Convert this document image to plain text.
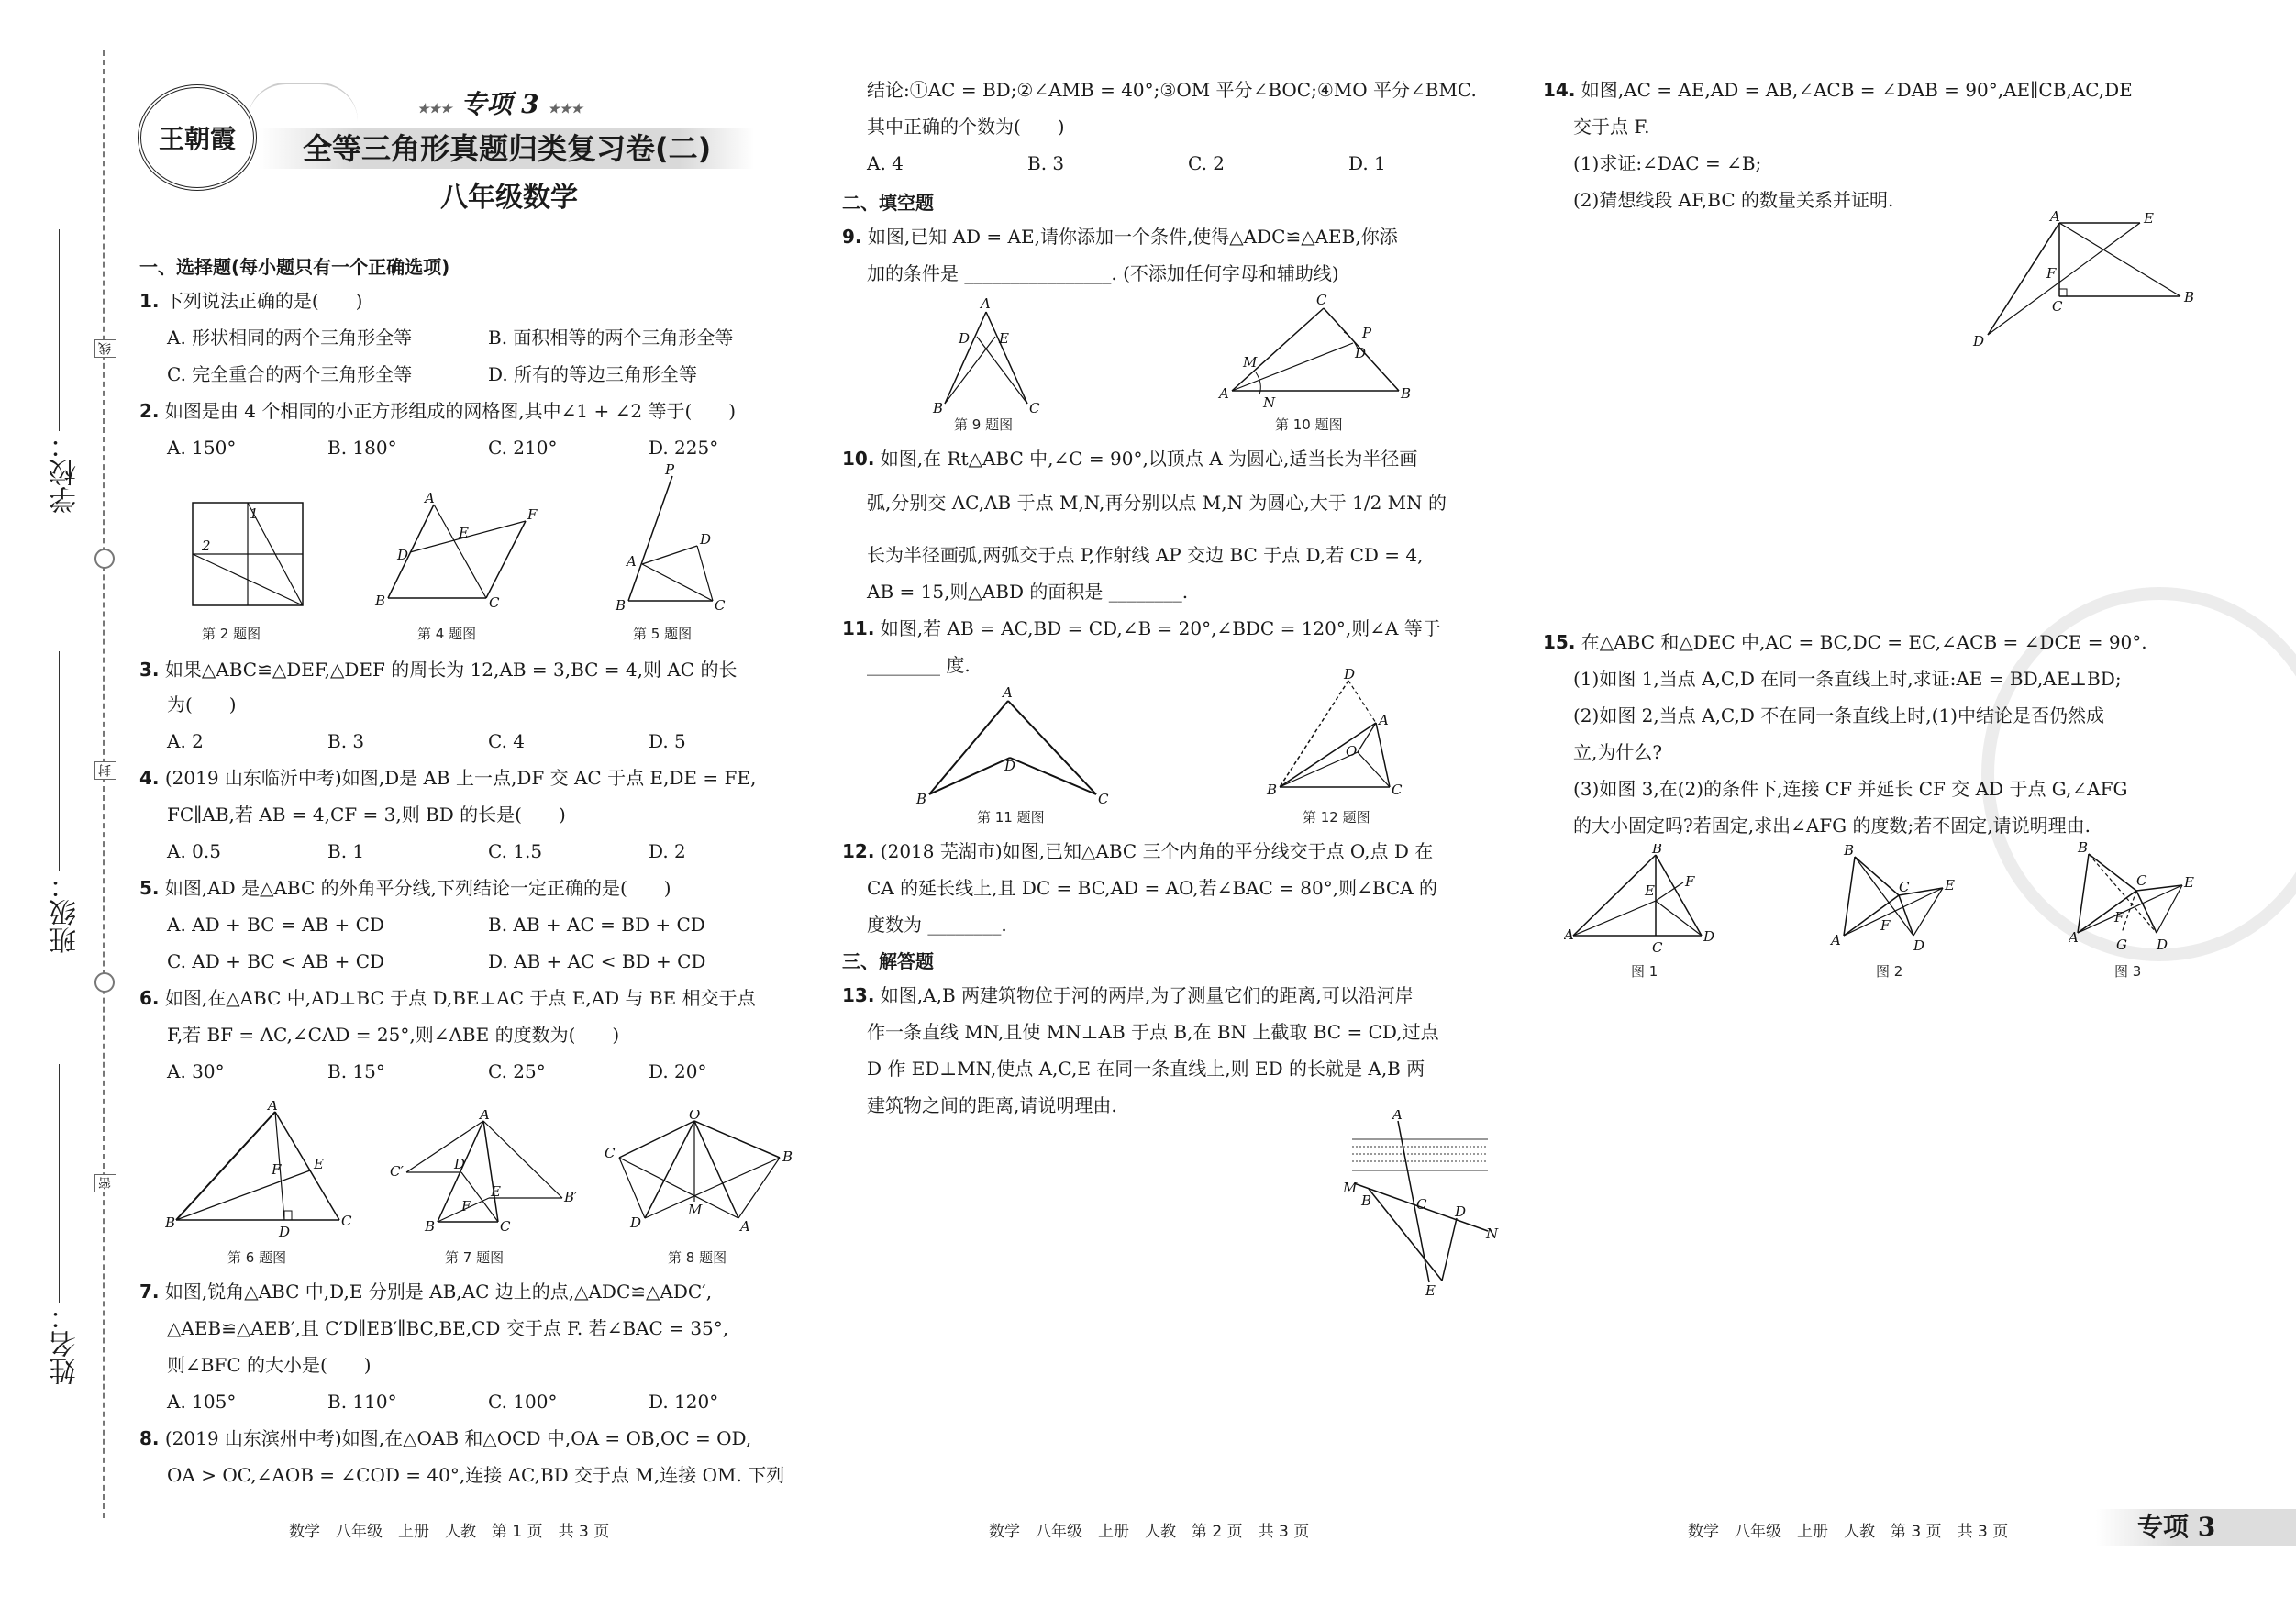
学校：
班级：
姓名：
线
封
密
王朝霞
★★★ 专项 3 ★★★
全等三角形真题归类复习卷(二)
八年级数学
一、选择题(每小题只有一个正确选项)
1. 下列说法正确的是(　　)
A. 形状相同的两个三角形全等	B. 面积相等的两个三角形全等
C. 完全重合的两个三角形全等	D. 所有的等边三角形全等
2. 如图是由 4 个相同的小正方形组成的网格图,其中∠1 + ∠2 等于(　　)
A. 150°	B. 180°	C. 210°	D. 225°
1
2
A
B	C
D
E
F
P
A
D
B	C
第 2 题图	第 4 题图	第 5 题图
3. 如果△ABC≌△DEF,△DEF 的周长为 12,AB = 3,BC = 4,则 AC 的长
为(　　)
A. 2	B. 3	C. 4	D. 5
4. (2019 山东临沂中考)如图,D是 AB 上一点,DF 交 AC 于点 E,DE = FE,
FC∥AB,若 AB = 4,CF = 3,则 BD 的长是(　　)
A. 0.5	B. 1	C. 1.5	D. 2
5. 如图,AD 是△ABC 的外角平分线,下列结论一定正确的是(　　)
A. AD + BC = AB + CD	B. AB + AC = BD + CD
C. AD + BC < AB + CD	D. AB + AC < BD + CD
6. 如图,在△ABC 中,AD⊥BC 于点 D,BE⊥AC 于点 E,AD 与 BE 相交于点
F,若 BF = AC,∠CAD = 25°,则∠ABE 的度数为(　　)
A. 30°	B. 15°	C. 25°	D. 20°
A
B	C
D
E
F
A
B	C
C′	D
E
F
B′
O
C	B
D	A
M
第 6 题图	第 7 题图	第 8 题图
7. 如图,锐角△ABC 中,D,E 分别是 AB,AC 边上的点,△ADC≌△ADC′,
△AEB≌△AEB′,且 C′D∥EB′∥BC,BE,CD 交于点 F. 若∠BAC = 35°,
则∠BFC 的大小是(　　)
A. 105°	B. 110°	C. 100°	D. 120°
8. (2019 山东滨州中考)如图,在△OAB 和△OCD 中,OA = OB,OC = OD,
OA > OC,∠AOB = ∠COD = 40°,连接 AC,BD 交于点 M,连接 OM. 下列
数学　八年级　上册　人教　第 1 页　共 3 页
结论:①AC = BD;②∠AMB = 40°;③OM 平分∠BOC;④MO 平分∠BMC.
其中正确的个数为(　　)
A. 4	B. 3	C. 2	D. 1
二、填空题
9. 如图,已知 AD = AE,请你添加一个条件,使得△ADC≌△AEB,你添
加的条件是 ________________. (不添加任何字母和辅助线)
A
B	C
D E
C
A	B
M
N
P
D
第 9 题图	第 10 题图
10. 如图,在 Rt△ABC 中,∠C = 90°,以顶点 A 为圆心,适当长为半径画
弧,分别交 AC,AB 于点 M,N,再分别以点 M,N 为圆心,大于 1/2 MN 的
长为半径画弧,两弧交于点 P,作射线 AP 交边 BC 于点 D,若 CD = 4,
AB = 15,则△ABD 的面积是 ________.
11. 如图,若 AB = AC,BD = CD,∠B = 20°,∠BDC = 120°,则∠A 等于
________ 度.
A
B	C
D
D
A
B	C
O
第 11 题图	第 12 题图
12. (2018 芜湖市)如图,已知△ABC 三个内角的平分线交于点 O,点 D 在
CA 的延长线上,且 DC = BC,AD = AO,若∠BAC = 80°,则∠BCA 的
度数为 ________.
三、解答题
13. 如图,A,B 两建筑物位于河的两岸,为了测量它们的距离,可以沿河岸
作一条直线 MN,且使 MN⊥AB 于点 B,在 BN 上截取 BC = CD,过点
D 作 ED⊥MN,使点 A,C,E 在同一条直线上,则 ED 的长就是 A,B 两
建筑物之间的距离,请说明理由.	A
M
B	C D
N
E
数学　八年级　上册　人教　第 2 页　共 3 页
14. 如图,AC = AE,AD = AB,∠ACB = ∠DAB = 90°,AE∥CB,AC,DE
交于点 F.
(1)求证:∠DAC = ∠B;
(2)猜想线段 AF,BC 的数量关系并证明.
A	E
B
C
D
F
15. 在△ABC 和△DEC 中,AC = BC,DC = EC,∠ACB = ∠DCE = 90°.
(1)如图 1,当点 A,C,D 在同一条直线上时,求证:AE = BD,AE⊥BD;
(2)如图 2,当点 A,C,D 不在同一条直线上时,(1)中结论是否仍然成
立,为什么?
(3)如图 3,在(2)的条件下,连接 CF 并延长 CF 交 AD 于点 G,∠AFG
的大小固定吗?若固定,求出∠AFG 的度数;若不固定,请说明理由.
B
A
C
D
E
F
B
A
C	E
D
F
B
A
C	E
D
F
G
图 1	图 2	图 3
数学　八年级　上册　人教　第 3 页　共 3 页	专项 3
